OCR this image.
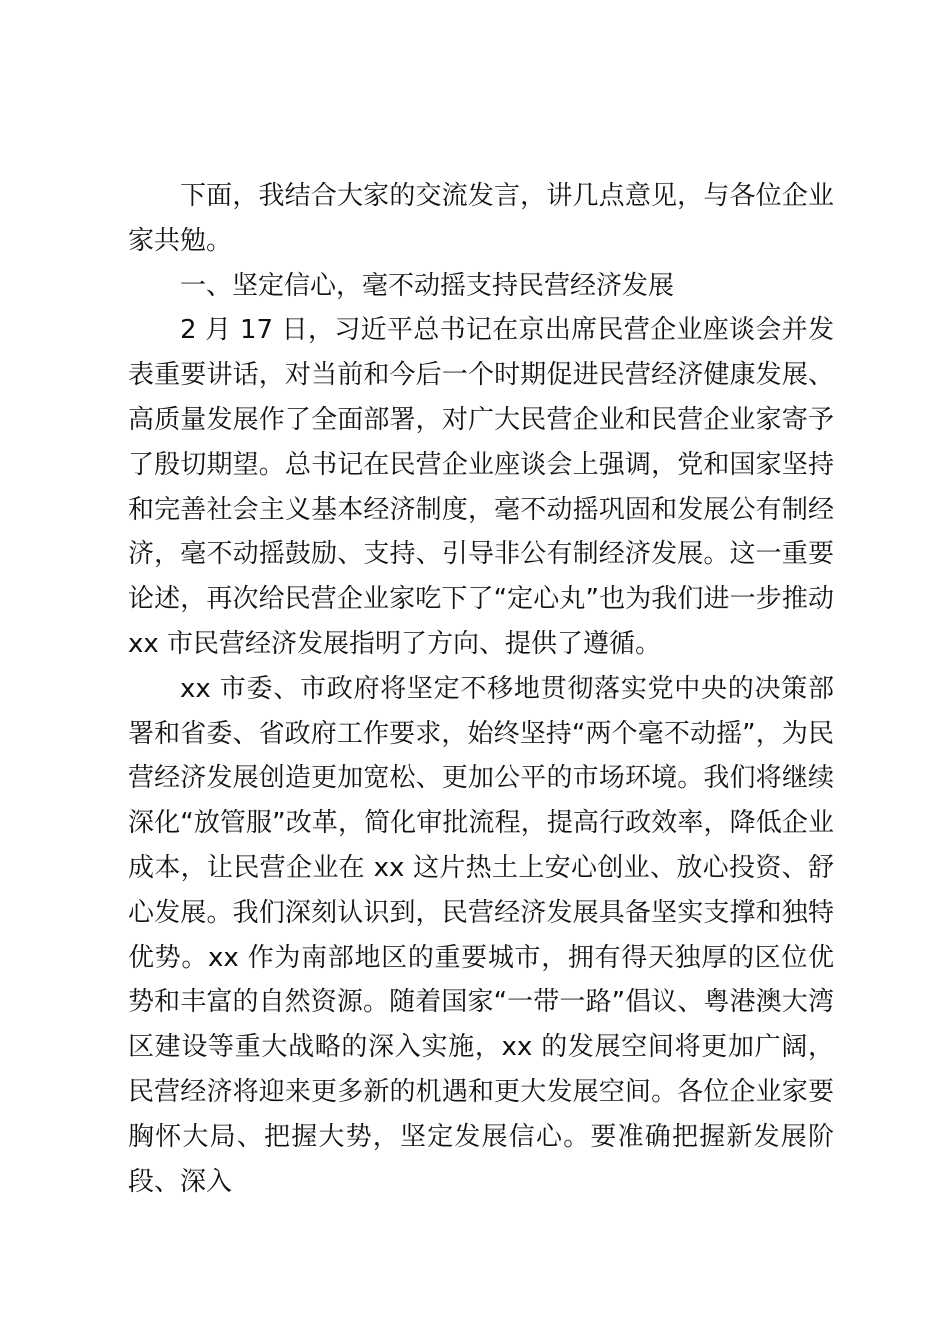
下面，我结合大家的交流发言，讲几点意见，与各位企业家共勉。

一、坚定信心，毫不动摇支持民营经济发展

2 月 17 日，习近平总书记在京出席民营企业座谈会并发表重要讲话，对当前和今后一个时期促进民营经济健康发展、高质量发展作了全面部署，对广大民营企业和民营企业家寄予了殷切期望。总书记在民营企业座谈会上强调，党和国家坚持和完善社会主义基本经济制度，毫不动摇巩固和发展公有制经济，毫不动摇鼓励、支持、引导非公有制经济发展。这一重要论述，再次给民营企业家吃下了“定心丸”也为我们进一步推动 xx 市民营经济发展指明了方向、提供了遵循。

xx 市委、市政府将坚定不移地贯彻落实党中央的决策部署和省委、省政府工作要求，始终坚持“两个毫不动摇”，为民营经济发展创造更加宽松、更加公平的市场环境。我们将继续深化“放管服”改革，简化审批流程，提高行政效率，降低企业成本，让民营企业在 xx 这片热土上安心创业、放心投资、舒心发展。我们深刻认识到，民营经济发展具备坚实支撑和独特优势。xx 作为南部地区的重要城市，拥有得天独厚的区位优势和丰富的自然资源。随着国家“一带一路”倡议、粤港澳大湾区建设等重大战略的深入实施，xx 的发展空间将更加广阔，民营经济将迎来更多新的机遇和更大发展空间。各位企业家要胸怀大局、把握大势，坚定发展信心。要准确把握新发展阶段、深入
